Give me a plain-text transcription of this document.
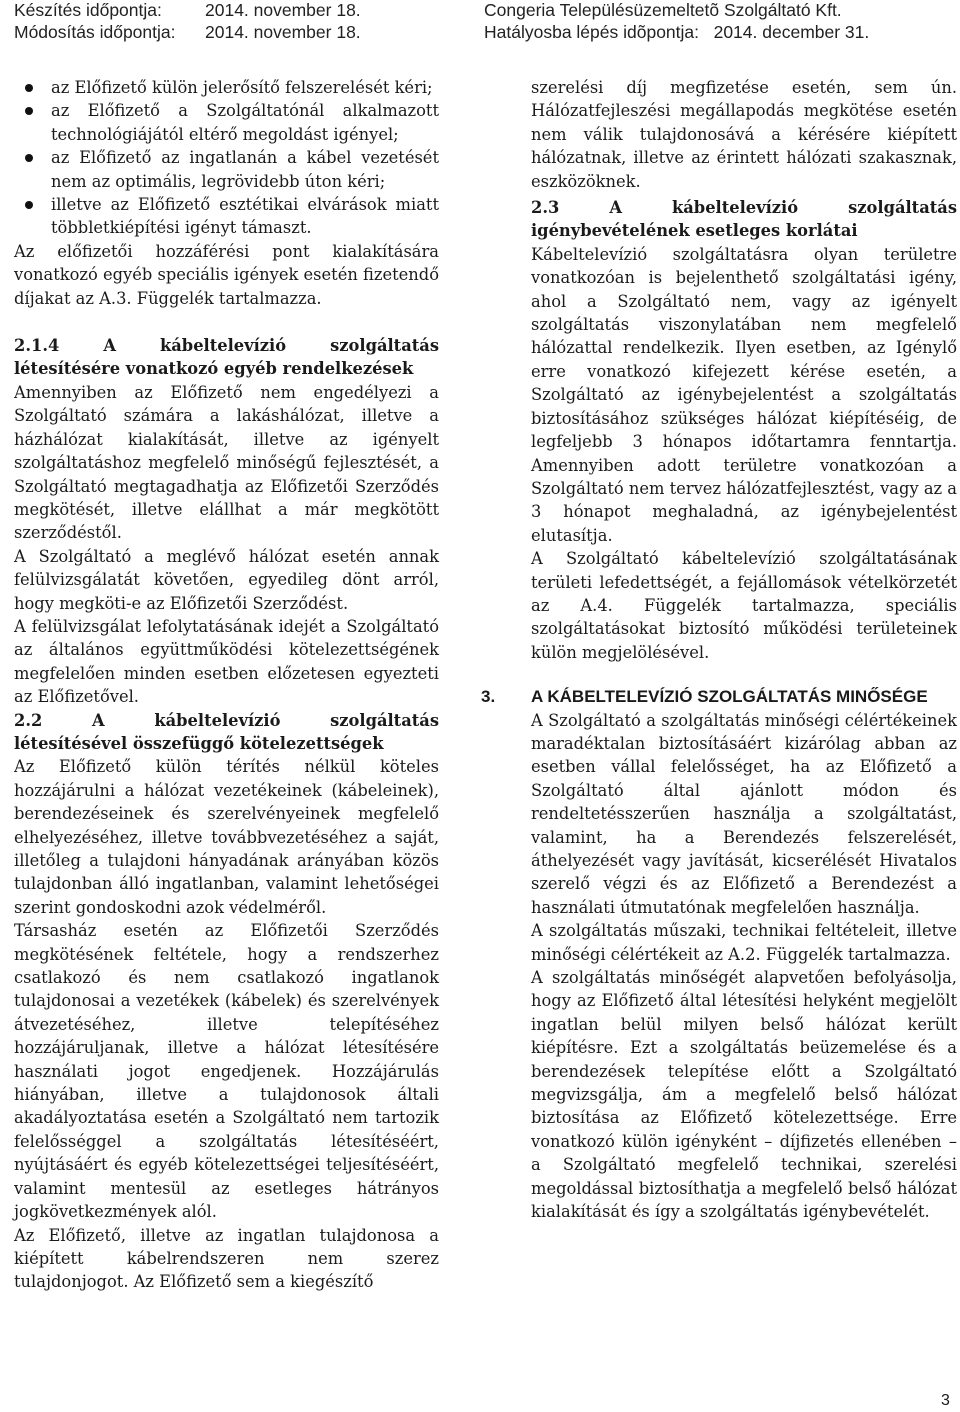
Készítés időpontja: 2014. november 18.	Congeria Településüzemeltetõ Szolgáltató Kft.
Módosítás időpontja: 2014. november 18.	Hatályosba lépés idõpontja:   2014. december 31.
az Előfizető külön jelerősítő felszerelését kéri;
az Előfizető a Szolgáltatónál alkalmazott technológiájától eltérő megoldást igényel;
az Előfizető az ingatlanán a kábel vezetését nem az optimális, legrövidebb úton kéri;
illetve az Előfizető esztétikai elvárások miatt többletkiépítési igényt támaszt.

Az előfizetői hozzáférési pont kialakítására vonatkozó egyéb speciális igények esetén fizetendő díjakat az A.3. Függelék tartalmazza.

2.1.4 A kábeltelevízió szolgáltatás

létesítésére vonatkozó egyéb rendelkezések

Amennyiben az Előfizető nem engedélyezi a Szolgáltató számára a lakáshálózat, illetve a házhálózat kialakítását, illetve az igényelt szolgáltatáshoz megfelelő minőségű fejlesztését, a Szolgáltató megtagadhatja az Előfizetői Szerződés megkötését, illetve elállhat a már megkötött szerződéstől.

A Szolgáltató a meglévő hálózat esetén annak felülvizsgálatát követően, egyedileg dönt arról, hogy megköti-e az Előfizetői Szerződést.

A felülvizsgálat lefolytatásának idejét a Szolgáltató az általános együttműködési kötelezettségének megfelelően minden esetben előzetesen egyezteti az Előfizetővel.

2.2 A kábeltelevízió szolgáltatás

létesítésével összefüggő kötelezettségek

Az Előfizető külön térítés nélkül köteles hozzájárulni a hálózat vezetékeinek (kábeleinek), berendezéseinek és szerelvényeinek megfelelő elhelyezéséhez, illetve továbbvezetéséhez a saját, illetőleg a tulajdoni hányadának arányában közös tulajdonban álló ingatlanban, valamint lehetőségei szerint gondoskodni azok védelméről.

Társasház esetén az Előfizetői Szerződés megkötésének feltétele, hogy a rendszerhez csatlakozó és nem csatlakozó ingatlanok tulajdonosai a vezetékek (kábelek) és szerelvények átvezetéséhez, illetve telepítéséhez hozzájáruljanak, illetve a hálózat létesítésére használati jogot engedjenek. Hozzájárulás hiányában, illetve a tulajdonosok általi akadályoztatása esetén a Szolgáltató nem tartozik felelősséggel a szolgáltatás létesítéséért, nyújtásáért és egyéb kötelezettségei teljesítéséért, valamint mentesül az esetleges hátrányos jogkövetkezmények alól.

Az Előfizető, illetve az ingatlan tulajdonosa a kiépített kábelrendszeren nem szerez tulajdonjogot. Az Előfizető sem a kiegészítő

szerelési díj megfizetése esetén, sem ún. Hálózatfejleszési megállapodás megkötése esetén nem válik tulajdonosává a kérésére kiépített hálózatnak, illetve az érintett hálózati szakasznak, eszközöknek.

2.3 A kábeltelevízió szolgáltatás

igénybevételének esetleges korlátai

Kábeltelevízió szolgáltatásra olyan területre vonatkozóan is bejelenthető szolgáltatási igény, ahol a Szolgáltató nem, vagy az igényelt szolgáltatás viszonylatában nem megfelelő hálózattal rendelkezik. Ilyen esetben, az Igénylő erre vonatkozó kifejezett kérése esetén, a Szolgáltató az igénybejelentést a szolgáltatás biztosításához szükséges hálózat kiépítéséig, de legfeljebb 3 hónapos időtartamra fenntartja. Amennyiben adott területre vonatkozóan a Szolgáltató nem tervez hálózatfejlesztést, vagy az a 3 hónapot meghaladná, az igénybejelentést elutasítja.

A Szolgáltató kábeltelevízió szolgáltatásának területi lefedettségét, a fejállomások vételkörzetét az A.4. Függelék tartalmazza, speciális szolgáltatásokat biztosító működési területeinek külön megjelölésével.

3. A KÁBELTELEVÍZIÓ SZOLGÁLTATÁS MINŐSÉGE

A Szolgáltató a szolgáltatás minőségi célértékeinek maradéktalan biztosításáért kizárólag abban az esetben vállal felelősséget, ha az Előfizető a Szolgáltató által ajánlott módon és rendeltetésszerűen használja a szolgáltatást, valamint, ha a Berendezés felszerelését, áthelyezését vagy javítását, kicserélését Hivatalos szerelő végzi és az Előfizető a Berendezést a használati útmutatónak megfelelően használja.

A szolgáltatás műszaki, technikai feltételeit, illetve minőségi célértékeit az A.2. Függelék tartalmazza.

A szolgáltatás minőségét alapvetően befolyásolja, hogy az Előfizető által létesítési helyként megjelölt ingatlan belül milyen belső hálózat került kiépítésre. Ezt a szolgáltatás beüzemelése és a berendezések telepítése előtt a Szolgáltató megvizsgálja, ám a megfelelő belső hálózat biztosítása az Előfizető kötelezettsége. Erre vonatkozó külön igényként – díjfizetés ellenében – a Szolgáltató megfelelő technikai, szerelési megoldással biztosíthatja a megfelelő belső hálózat kialakítását és így a szolgáltatás igénybevételét.

3
